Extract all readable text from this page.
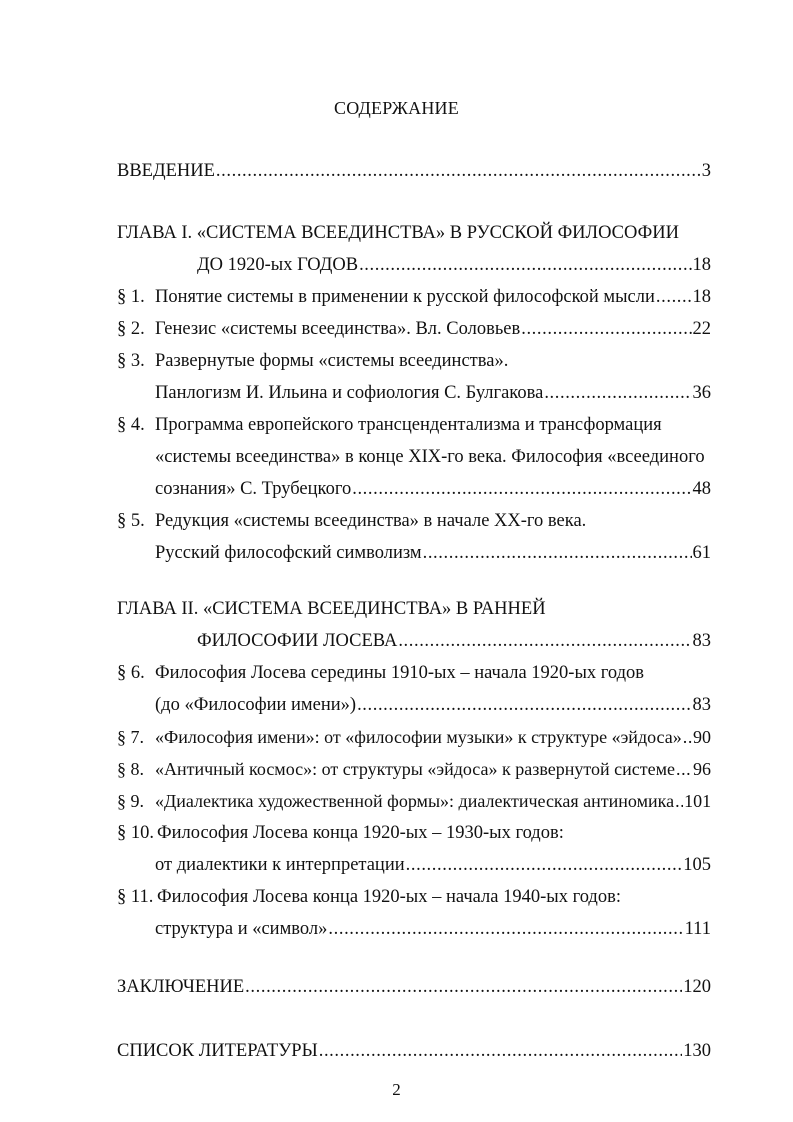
СОДЕРЖАНИЕ
ВВЕДЕНИЕ .....	3
ГЛАВА I. «СИСТЕМА ВСЕЕДИНСТВА» В РУССКОЙ ФИЛОСОФИИ
ДО 1920-ых ГОДОВ .....	18
§ 1. Понятие системы в применении к русской философской мысли ..... 18
§ 2. Генезис «системы всеединства». Вл. Соловьев .....	22
§ 3. Развернутые формы «системы всеединства».
Панлогизм И. Ильина и софиология С. Булгакова .....	36
§ 4. Программа европейского трансцендентализма и трансформация
«системы всеединства» в конце XIX-го века. Философия «всеединого
сознания» С. Трубецкого .....	48
§ 5. Редукция «системы всеединства» в начале XX-го века.
Русский философский символизм .....	61
ГЛАВА II. «СИСТЕМА ВСЕЕДИНСТВА» В РАННЕЙ
ФИЛОСОФИИ ЛОСЕВА .....	83
§ 6. Философия Лосева середины 1910-ых – начала 1920-ых годов
(до «Философии имени») .....	83
§ 7. «Философия имени»: от «философии музыки» к структуре «эйдоса» ..... 90
§ 8. «Античный космос»: от структуры «эйдоса» к развернутой системе ..... 96
§ 9. «Диалектика художественной формы»: диалектическая антиномика ..... 101
§ 10. Философия Лосева конца 1920-ых – 1930-ых годов:
от диалектики к интерпретации .....	105
§ 11. Философия Лосева конца 1920-ых – начала 1940-ых годов:
структура и «символ» .....	111
ЗАКЛЮЧЕНИЕ .....	120
СПИСОК ЛИТЕРАТУРЫ .....	130
2
